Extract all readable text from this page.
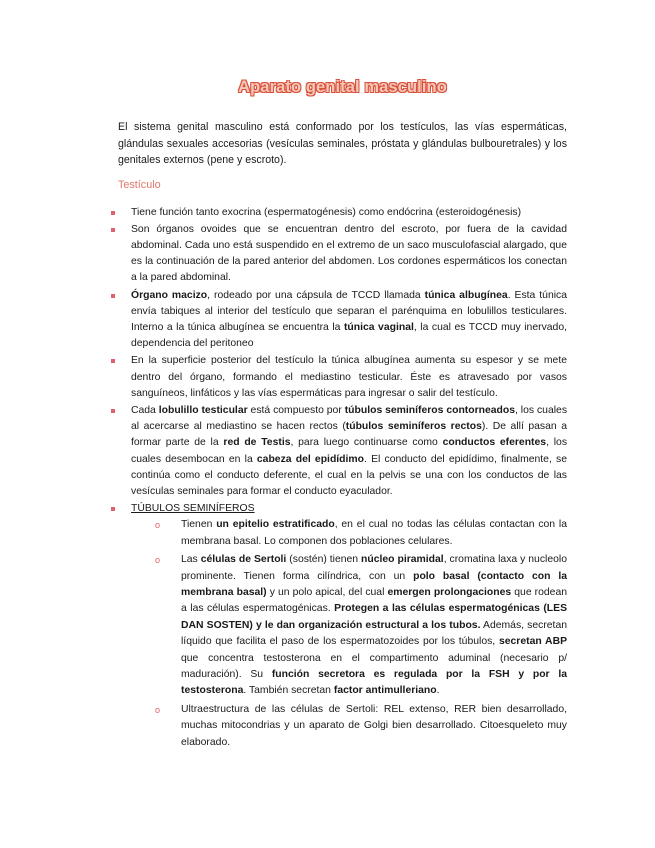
Aparato genital masculino

El sistema genital masculino está conformado por los testículos, las vías espermáticas, glándulas sexuales accesorias (vesículas seminales, próstata y glándulas bulbouretrales) y los genitales externos (pene y escroto).

Testículo
Tiene función tanto exocrina (espermatogénesis) como endócrina (esteroidogénesis)
Son órganos ovoides que se encuentran dentro del escroto, por fuera de la cavidad abdominal. Cada uno está suspendido en el extremo de un saco musculofascial alargado, que es la continuación de la pared anterior del abdomen. Los cordones espermáticos los conectan a la pared abdominal.
Órgano macizo, rodeado por una cápsula de TCCD llamada túnica albugínea. Esta túnica envía tabiques al interior del testículo que separan el parénquima en lobulillos testiculares. Interno a la túnica albugínea se encuentra la túnica vaginal, la cual es TCCD muy inervado, dependencia del peritoneo
En la superficie posterior del testículo la túnica albugínea aumenta su espesor y se mete dentro del órgano, formando el mediastino testicular. Éste es atravesado por vasos sanguíneos, linfáticos y las vías espermáticas para ingresar o salir del testículo.
Cada lobulillo testicular está compuesto por túbulos seminíferos contorneados, los cuales al acercarse al mediastino se hacen rectos (túbulos seminíferos rectos). De allí pasan a formar parte de la red de Testis, para luego continuarse como conductos eferentes, los cuales desembocan en la cabeza del epidídimo. El conducto del epidídimo, finalmente, se continúa como el conducto deferente, el cual en la pelvis se una con los conductos de las vesículas seminales para formar el conducto eyaculador.
TÚBULOS SEMINÍFEROS
o Tienen un epitelio estratificado, en el cual no todas las células contactan con la membrana basal. Lo componen dos poblaciones celulares.
o Las células de Sertoli (sostén) tienen núcleo piramidal, cromatina laxa y nucleolo prominente. Tienen forma cilíndrica, con un polo basal (contacto con la membrana basal) y un polo apical, del cual emergen prolongaciones que rodean a las células espermatogénicas. Protegen a las células espermatogénicas (LES DAN SOSTEN) y le dan organización estructural a los tubos. Además, secretan líquido que facilita el paso de los espermatozoides por los túbulos, secretan ABP que concentra testosterona en el compartimento aduminal (necesario p/ maduración). Su función secretora es regulada por la FSH y por la testosterona. También secretan factor antimulleriano.
o Ultraestructura de las células de Sertoli: REL extenso, RER bien desarrollado, muchas mitocondrias y un aparato de Golgi bien desarrollado. Citoesqueleto muy elaborado.
